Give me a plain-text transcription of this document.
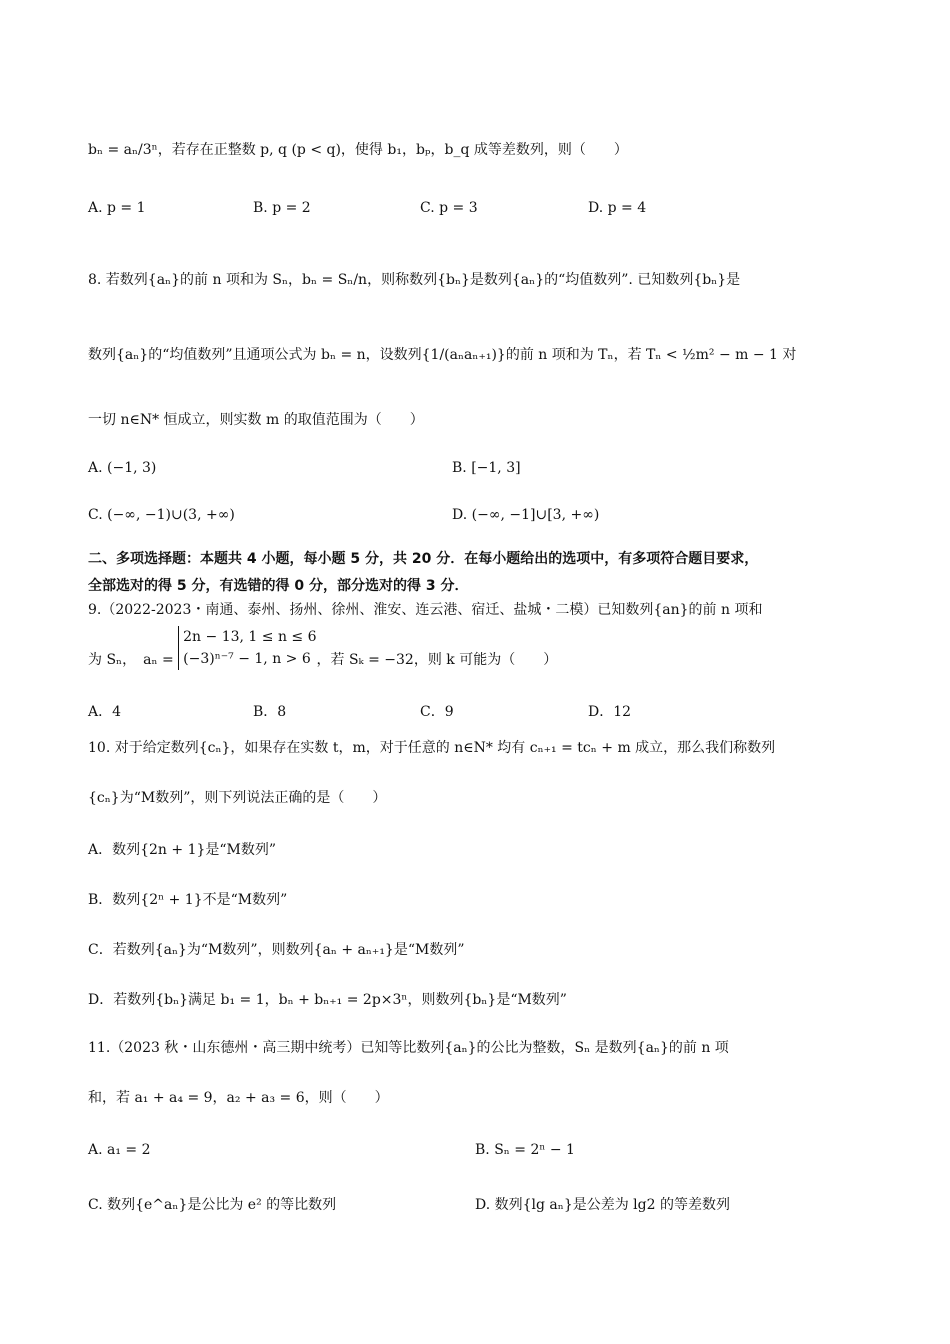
bₙ = aₙ/3ⁿ，若存在正整数 p, q (p < q)，使得 b₁，bₚ，b_q 成等差数列，则（　　）
A. p = 1	B. p = 2	C. p = 3	D. p = 4
8. 若数列{aₙ}的前 n 项和为 Sₙ，bₙ = Sₙ/n，则称数列{bₙ}是数列{aₙ}的“均值数列”. 已知数列{bₙ}是
数列{aₙ}的“均值数列”且通项公式为 bₙ = n，设数列{1/(aₙaₙ₊₁)}的前 n 项和为 Tₙ，若 Tₙ < ½m² − m − 1 对
一切 n∈N* 恒成立，则实数 m 的取值范围为（　　）
A. (−1, 3)	B. [−1, 3]
C. (−∞, −1)∪(3, +∞)	D. (−∞, −1]∪[3, +∞)
二、多项选择题：本题共 4 小题，每小题 5 分，共 20 分．在每小题给出的选项中，有多项符合题目要求，
全部选对的得 5 分，有选错的得 0 分，部分选对的得 3 分．
9.（2022-2023・南通、泰州、扬州、徐州、淮安、连云港、宿迁、盐城・二模）已知数列{an}的前 n 项和
为 Sₙ，　aₙ =
2n − 13, 1 ≤ n ≤ 6
(−3)ⁿ⁻⁷ − 1, n > 6 ，若 Sₖ = −32，则 k 可能为（　　）
A．4	B．8	C．9	D．12
10. 对于给定数列{cₙ}，如果存在实数 t，m，对于任意的 n∈N* 均有 cₙ₊₁ = tcₙ + m 成立，那么我们称数列
{cₙ}为“M数列”，则下列说法正确的是（　　）
A．数列{2n + 1}是“M数列”
B．数列{2ⁿ + 1}不是“M数列”
C．若数列{aₙ}为“M数列”，则数列{aₙ + aₙ₊₁}是“M数列”
D．若数列{bₙ}满足 b₁ = 1，bₙ + bₙ₊₁ = 2p×3ⁿ，则数列{bₙ}是“M数列”
11.（2023 秋・山东德州・高三期中统考）已知等比数列{aₙ}的公比为整数，Sₙ 是数列{aₙ}的前 n 项
和，若 a₁ + a₄ = 9，a₂ + a₃ = 6，则（　　）
A. a₁ = 2	B. Sₙ = 2ⁿ − 1
C. 数列{e^aₙ}是公比为 e² 的等比数列	D. 数列{lg aₙ}是公差为 lg2 的等差数列
